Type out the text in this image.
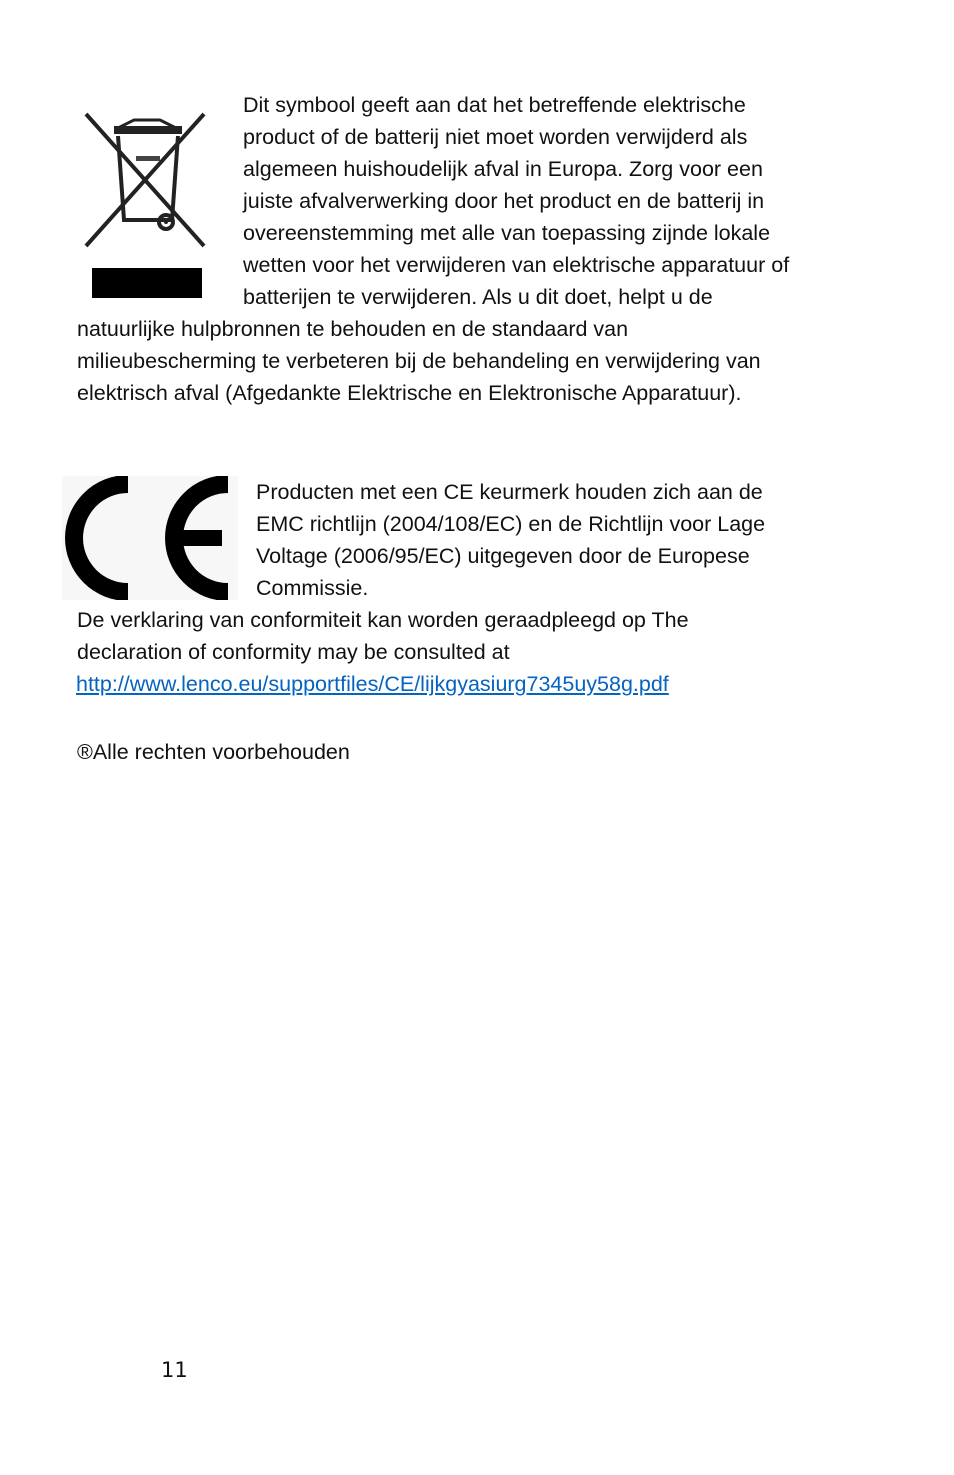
Dit symbool geeft aan dat het betreffende elektrische
product of de batterij niet moet worden verwijderd als
algemeen huishoudelijk afval in Europa. Zorg voor een
juiste afvalverwerking door het product en de batterij in
overeenstemming met alle van toepassing zijnde lokale
wetten voor het verwijderen van elektrische apparatuur of
batterijen te verwijderen. Als u dit doet, helpt u de
natuurlijke hulpbronnen te behouden en de standaard van
milieubescherming te verbeteren bij de behandeling en verwijdering van
elektrisch afval (Afgedankte Elektrische en Elektronische Apparatuur).
Producten met een CE keurmerk houden zich aan de
EMC richtlijn (2004/108/EC) en de Richtlijn voor Lage
Voltage (2006/95/EC) uitgegeven door de Europese
Commissie.
De verklaring van conformiteit kan worden geraadpleegd op The
declaration of conformity may be consulted at
http://www.lenco.eu/supportfiles/CE/lijkgyasiurg7345uy58g.pdf
®Alle rechten voorbehouden
11
